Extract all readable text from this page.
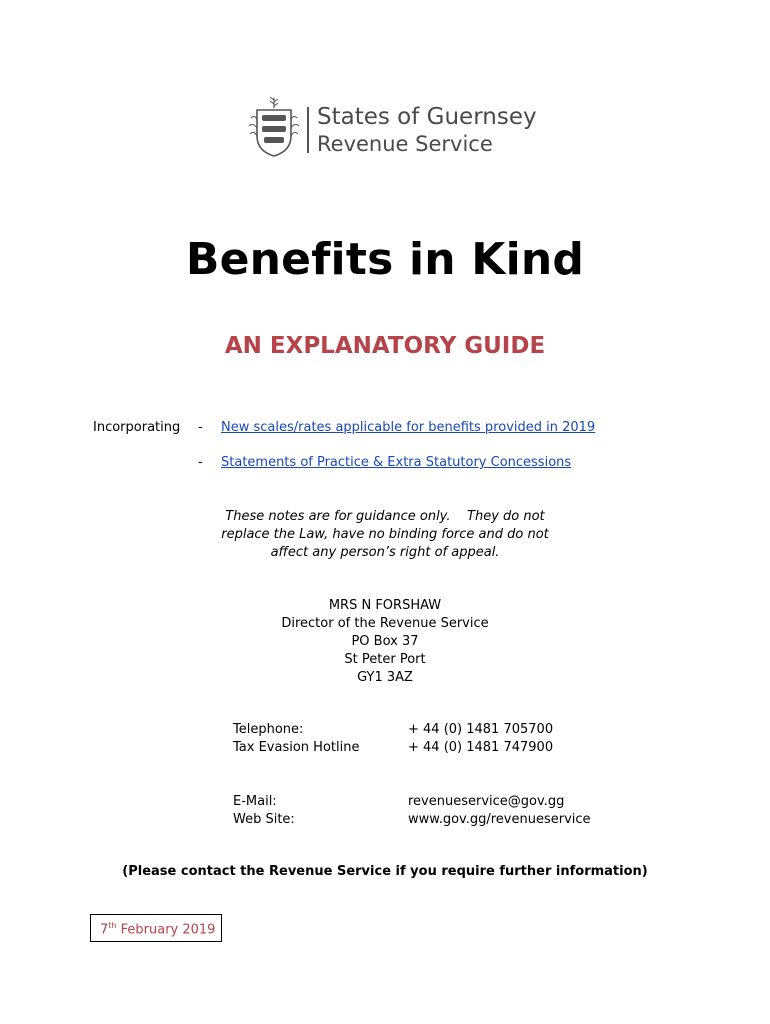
States of Guernsey
Revenue Service
Benefits in Kind
AN EXPLANATORY GUIDE
Incorporating - New scales/rates applicable for benefits provided in 2019
- Statements of Practice & Extra Statutory Concessions
These notes are for guidance only.    They do not
replace the Law, have no binding force and do not
affect any person’s right of appeal.
MRS N FORSHAW
Director of the Revenue Service
PO Box 37
St Peter Port
GY1 3AZ
Telephone:	+ 44 (0) 1481 705700
Tax Evasion Hotline	+ 44 (0) 1481 747900
E-Mail:	revenueservice@gov.gg
Web Site:	www.gov.gg/revenueservice
(Please contact the Revenue Service if you require further information)
7th February 2019
